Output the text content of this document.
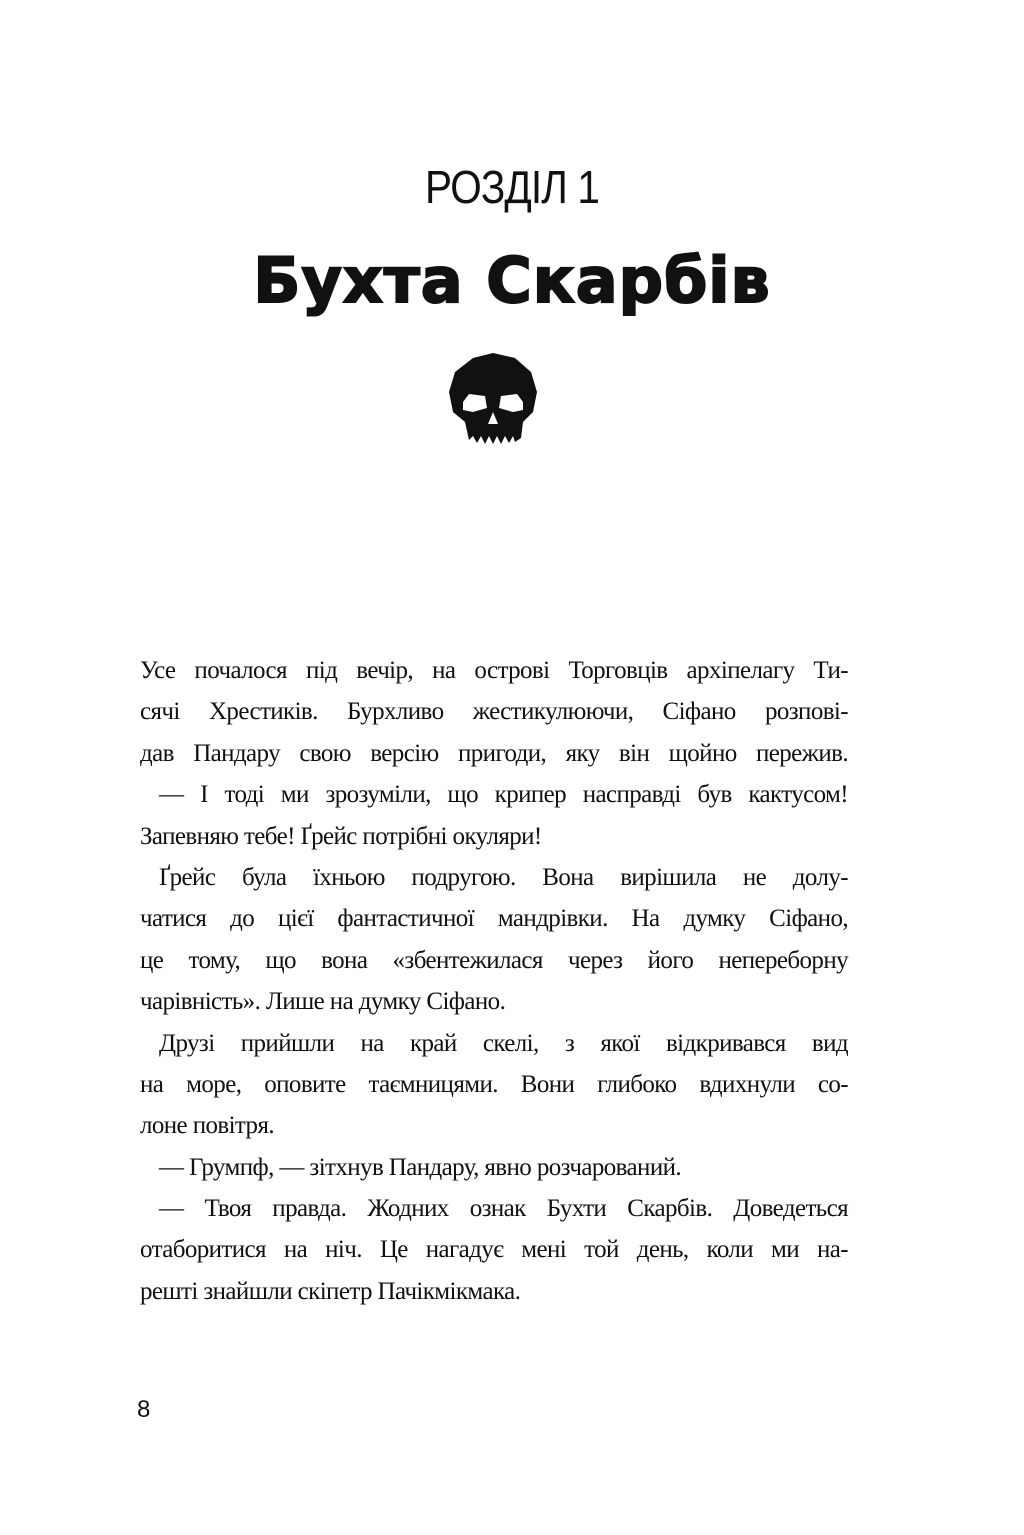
РОЗДІЛ 1
Бухта Скарбів
Усе почалося під вечір, на острові Торговців архіпелагу Ти-
сячі Хрестиків. Бурхливо жестикулюючи, Сіфано розпові-
дав Пандару свою версію пригоди, яку він щойно пережив.
— І тоді ми зрозуміли, що крипер насправді був кактусом!
Запевняю тебе! Ґрейс потрібні окуляри!
Ґрейс була їхньою подругою. Вона вирішила не долу-
чатися до цієї фантастичної мандрівки. На думку Сіфано,
це тому, що вона «збентежилася через його непереборну
чарівність». Лише на думку Сіфано.
Друзі прийшли на край скелі, з якої відкривався вид
на море, оповите таємницями. Вони глибоко вдихнули со-
лоне повітря.
— Грумпф, — зітхнув Пандару, явно розчарований.
— Твоя правда. Жодних ознак Бухти Скарбів. Доведеться
отаборитися на ніч. Це нагадує мені той день, коли ми на-
решті знайшли скіпетр Пачікмікмака.
8
